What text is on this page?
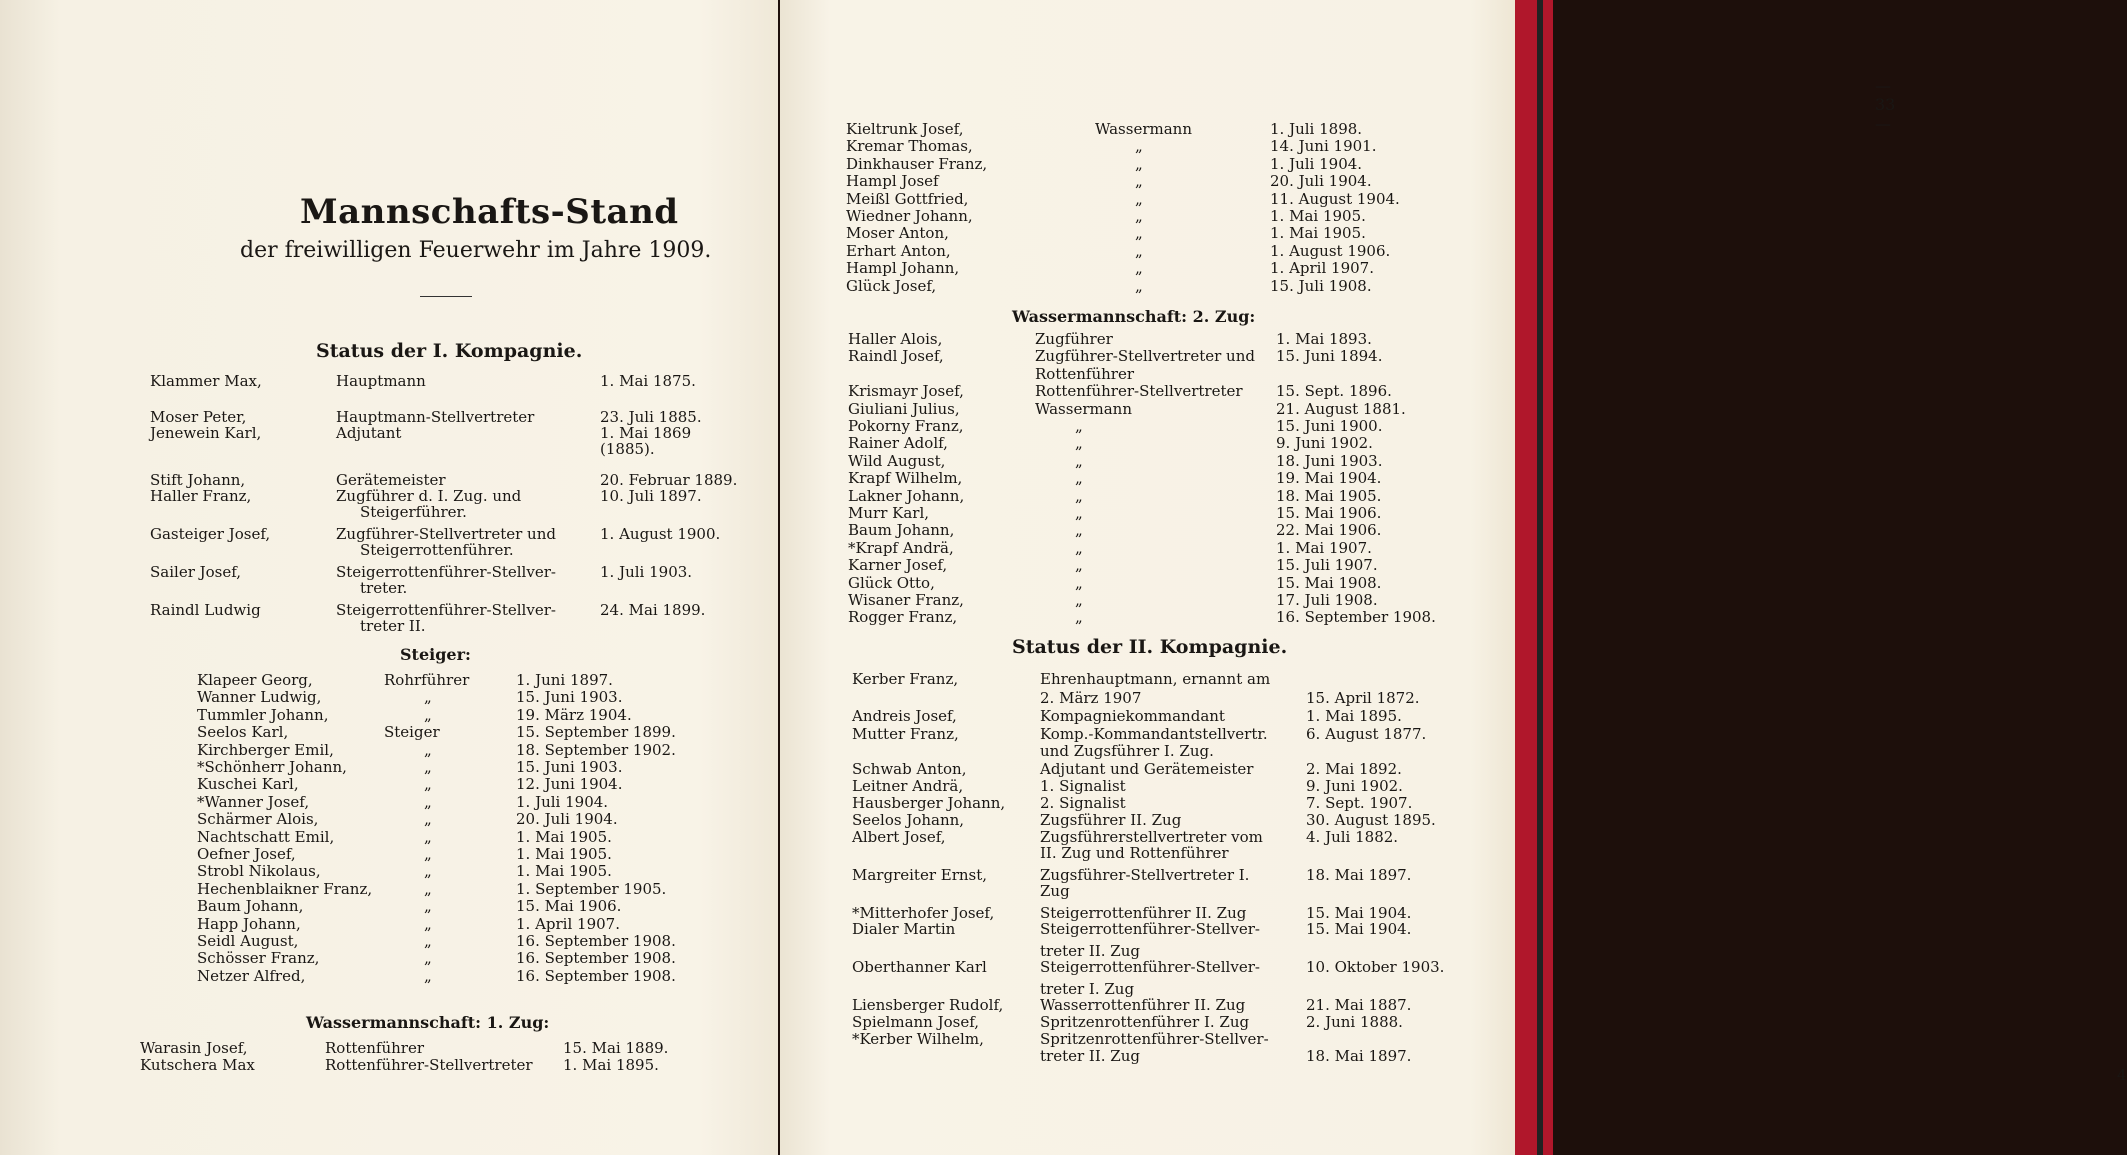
Mannschafts-Stand
der freiwilligen Feuerwehr im Jahre 1909.
Status der I. Kompagnie.
Klammer Max,	Hauptmann	1. Mai 1875.
Moser Peter,	Hauptmann-Stellvertreter	23. Juli 1885.
Jenewein Karl,	Adjutant	1. Mai 1869
(1885).
Stift Johann,	Gerätemeister	20. Februar 1889.
Haller Franz,	Zugführer d. I. Zug. und	10. Juli 1897.
Steigerführer.
Gasteiger Josef,	Zugführer-Stellvertreter und	1. August 1900.
Steigerrottenführer.
Sailer Josef,	Steigerrottenführer-Stellver-	1. Juli 1903.
treter.
Raindl Ludwig	Steigerrottenführer-Stellver-	24. Mai 1899.
treter II.
Steiger:
Klapeer Georg,	Rohrführer	1. Juni 1897.
Wanner Ludwig,	„	15. Juni 1903.
Tummler Johann,	„	19. März 1904.
Seelos Karl,	Steiger	15. September 1899.
Kirchberger Emil,	„	18. September 1902.
*Schönherr Johann,	„	15. Juni 1903.
Kuschei Karl,	„	12. Juni 1904.
*Wanner Josef,	„	1. Juli 1904.
Schärmer Alois,	„	20. Juli 1904.
Nachtschatt Emil,	„	1. Mai 1905.
Oefner Josef,	„	1. Mai 1905.
Strobl Nikolaus,	„	1. Mai 1905.
Hechenblaikner Franz,	„	1. September 1905.
Baum Johann,	„	15. Mai 1906.
Happ Johann,	„	1. April 1907.
Seidl August,	„	16. September 1908.
Schösser Franz,	„	16. September 1908.
Netzer Alfred,	„	16. September 1908.
Wassermannschaft: 1. Zug:
Warasin Josef,	Rottenführer	15. Mai 1889.
Kutschera Max	Rottenführer-Stellvertreter 1. Mai 1895.
— 33 —
Kieltrunk Josef,	Wassermann	1. Juli 1898.
Kremar Thomas,	„	14. Juni 1901.
Dinkhauser Franz,	„	1. Juli 1904.
Hampl Josef	„	20. Juli 1904.
Meißl Gottfried,	„	11. August 1904.
Wiedner Johann,	„	1. Mai 1905.
Moser Anton,	„	1. Mai 1905.
Erhart Anton,	„	1. August 1906.
Hampl Johann,	„	1. April 1907.
Glück Josef,	„	15. Juli 1908.
Wassermannschaft: 2. Zug:
Haller Alois,	Zugführer	1. Mai 1893.
Raindl Josef,	Zugführer-Stellvertreter und 15. Juni 1894.
Rottenführer
Krismayr Josef,	Rottenführer-Stellvertreter 15. Sept. 1896.
Giuliani Julius,	Wassermann	21. August 1881.
Pokorny Franz,	„	15. Juni 1900.
Rainer Adolf,	„	9. Juni 1902.
Wild August,	„	18. Juni 1903.
Krapf Wilhelm,	„	19. Mai 1904.
Lakner Johann,	„	18. Mai 1905.
Murr Karl,	„	15. Mai 1906.
Baum Johann,	„	22. Mai 1906.
*Krapf Andrä,	„	1. Mai 1907.
Karner Josef,	„	15. Juli 1907.
Glück Otto,	„	15. Mai 1908.
Wisaner Franz,	„	17. Juli 1908.
Rogger Franz,	„	16. September 1908.
Status der II. Kompagnie.
Kerber Franz,	Ehrenhauptmann, ernannt am
2. März 1907	15. April 1872.
Andreis Josef,	Kompagniekommandant	1. Mai 1895.
Mutter Franz,	Komp.-Kommandantstellvertr.	6. August 1877.
und Zugsführer I. Zug.
Schwab Anton,	Adjutant und Gerätemeister	2. Mai 1892.
Leitner Andrä,	1. Signalist	9. Juni 1902.
Hausberger Johann, 2. Signalist	7. Sept. 1907.
Seelos Johann,	Zugsführer II. Zug	30. August 1895.
Albert Josef,	Zugsführerstellvertreter vom	4. Juli 1882.
II. Zug und Rottenführer
Margreiter Ernst,	Zugsführer-Stellvertreter I.	18. Mai 1897.
Zug
*Mitterhofer Josef,	Steigerrottenführer II. Zug	15. Mai 1904.
Dialer Martin	Steigerrottenführer-Stellver-	15. Mai 1904.
treter II. Zug
Oberthanner Karl	Steigerrottenführer-Stellver-	10. Oktober 1903.
treter I. Zug
Liensberger Rudolf, Wasserrottenführer II. Zug	21. Mai 1887.
Spielmann Josef,	Spritzenrottenführer I. Zug	2. Juni 1888.
*Kerber Wilhelm,	Spritzenrottenführer-Stellver-
treter II. Zug	18. Mai 1897.
4
